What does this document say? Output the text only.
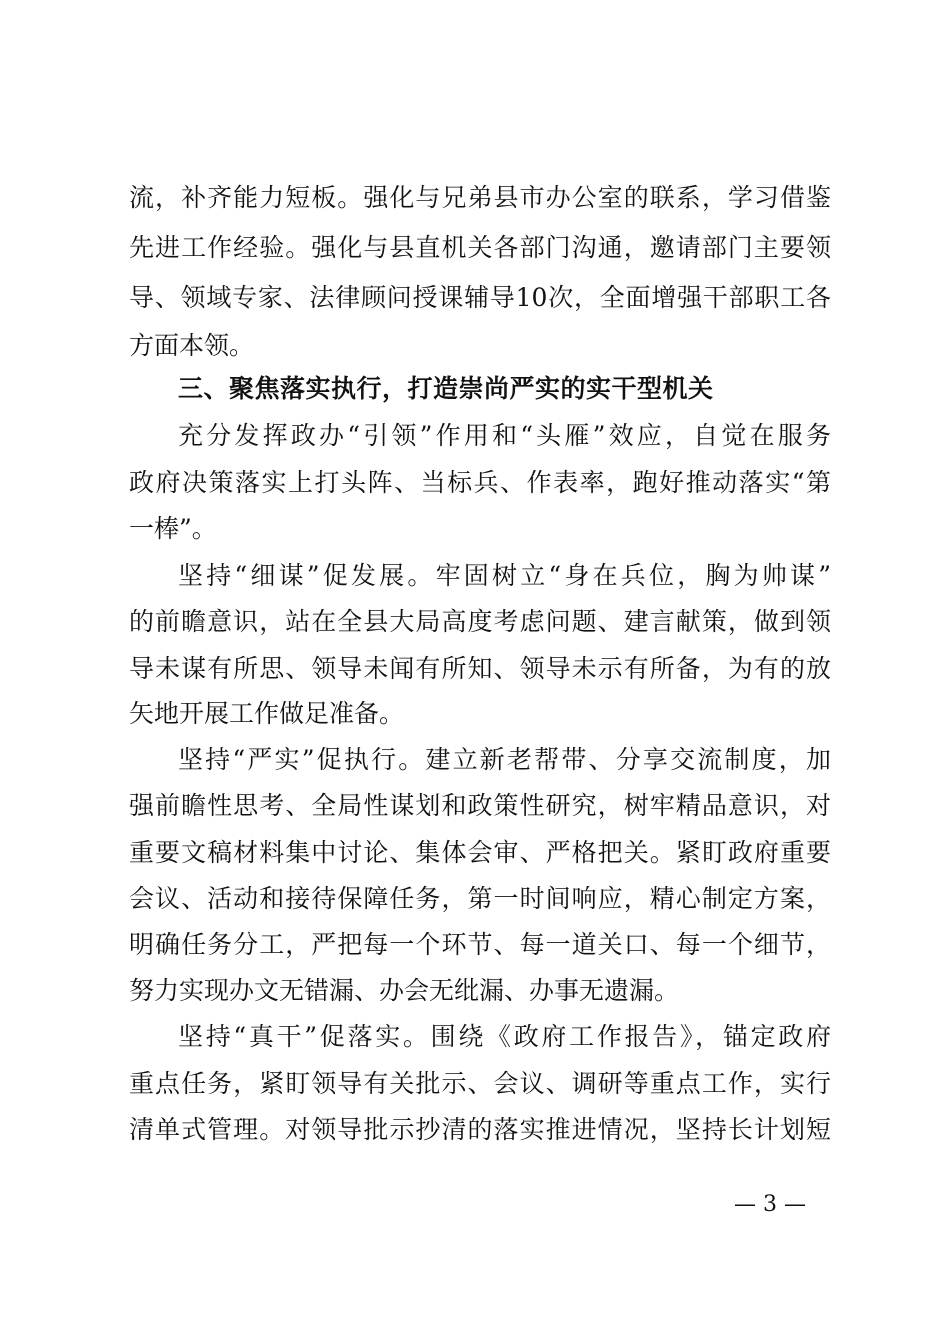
流，补齐能力短板。强化与兄弟县市办公室的联系，学习借鉴
先进工作经验。强化与县直机关各部门沟通，邀请部门主要领
导、领域专家、法律顾问授课辅导10次，全面增强干部职工各
方面本领。
三、聚焦落实执行，打造崇尚严实的实干型机关
充分发挥政办“引领”作用和“头雁”效应，自觉在服务
政府决策落实上打头阵、当标兵、作表率，跑好推动落实“第
一棒”。
坚持“细谋”促发展。牢固树立“身在兵位，胸为帅谋”
的前瞻意识，站在全县大局高度考虑问题、建言献策，做到领
导未谋有所思、领导未闻有所知、领导未示有所备，为有的放
矢地开展工作做足准备。
坚持“严实”促执行。建立新老帮带、分享交流制度，加
强前瞻性思考、全局性谋划和政策性研究，树牢精品意识，对
重要文稿材料集中讨论、集体会审、严格把关。紧盯政府重要
会议、活动和接待保障任务，第一时间响应，精心制定方案，
明确任务分工，严把每一个环节、每一道关口、每一个细节，
努力实现办文无错漏、办会无纰漏、办事无遗漏。
坚持“真干”促落实。围绕《政府工作报告》，锚定政府
重点任务，紧盯领导有关批示、会议、调研等重点工作，实行
清单式管理。对领导批示抄清的落实推进情况，坚持长计划短
— 3 —
